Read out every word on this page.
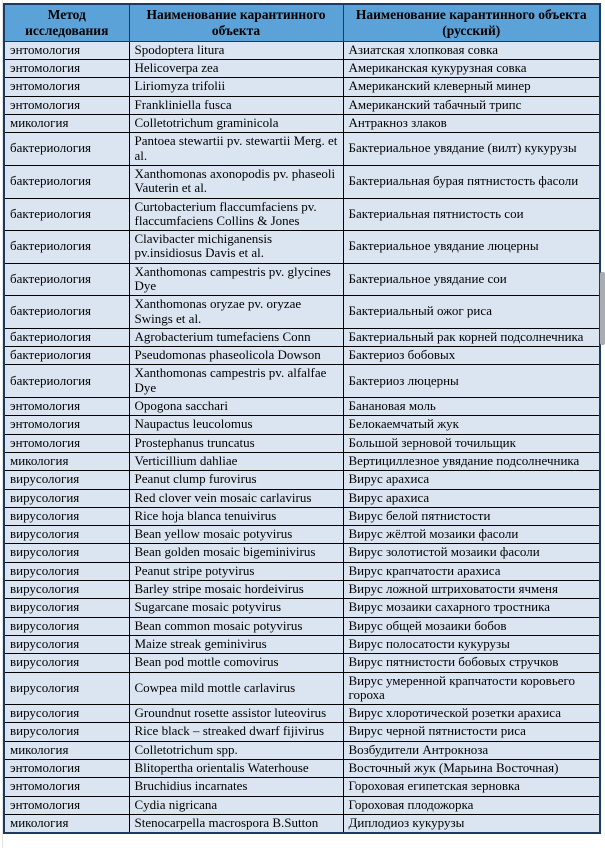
Метод исследования	Наименование карантинного объекта	Наименование карантинного объекта (русский)
энтомология	Spodoptera litura	Азиатская хлопковая совка
энтомология	Helicoverpa zea	Американская кукурузная совка
энтомология	Liriomyza trifolii	Американский клеверный минер
энтомология	Frankliniella fusca	Американский табачный трипс
микология	Colletotrichum graminicola	Антракноз злаков
бактериология	Pantoea stewartii pv. stewartii Merg. et al.	Бактериальное увядание (вилт) кукурузы
бактериология	Xanthomonas axonopodis pv. phaseoli Vauterin et al.	Бактериальная бурая пятнистость фасоли
бактериология	Curtobacterium flaccumfaciens pv. flaccumfaciens Collins & Jones	Бактериальная пятнистость сои
бактериология	Clavibacter michiganensis pv.insidiosus Davis et al.	Бактериальное увядание люцерны
бактериология	Xanthomonas campestris pv. glycines Dye	Бактериальное увядание сои
бактериология	Xanthomonas oryzae pv. oryzae Swings et al.	Бактериальный ожог риса
бактериология	Agrobacterium tumefaciens Conn	Бактериальный рак корней подсолнечника
бактериология	Pseudomonas phaseolicola Dowson	Бактериоз бобовых
бактериология	Xanthomonas campestris pv. alfalfae Dye	Бактериоз люцерны
энтомология	Opogona sacchari	Банановая моль
энтомология	Naupactus leucolomus	Белокаемчатый жук
энтомология	Prostephanus truncatus	Большой зерновой точильщик
микология	Verticillium dahliae	Вертициллезное увядание подсолнечника
вирусология	Peanut clump furovirus	Вирус арахиса
вирусология	Red clover vein mosaic carlavirus	Вирус арахиса
вирусология	Rice hoja blanca tenuivirus	Вирус белой пятнистости
вирусология	Bean yellow mosaic potyvirus	Вирус жёлтой мозаики фасоли
вирусология	Bean golden mosaic bigeminivirus	Вирус золотистой мозаики фасоли
вирусология	Peanut stripe potyvirus	Вирус крапчатости арахиса
вирусология	Barley stripe mosaic hordeivirus	Вирус ложной штриховатости ячменя
вирусология	Sugarcane mosaic potyvirus	Вирус мозаики сахарного тростника
вирусология	Bean common mosaic potyvirus	Вирус общей мозаики бобов
вирусология	Maize streak geminivirus	Вирус полосатости кукурузы
вирусология	Bean pod mottle comovirus	Вирус пятнистости бобовых стручков
вирусология	Cowpea mild mottle carlavirus	Вирус умеренной крапчатости коровьего гороха
вирусология	Groundnut rosette assistor luteovirus	Вирус хлоротической розетки арахиса
вирусология	Rice black – streaked dwarf fijivirus	Вирус черной пятнистости риса
микология	Colletotrichum spp.	Возбудители Антрокноза
энтомология	Blitopertha orientalis Waterhouse	Восточный жук (Марьина Восточная)
энтомология	Bruchidius incarnates	Гороховая египетская зерновка
энтомология	Cydia nigricana	Гороховая плодожорка
микология	Stenocarpella macrospora B.Sutton	Диплодиоз кукурузы
